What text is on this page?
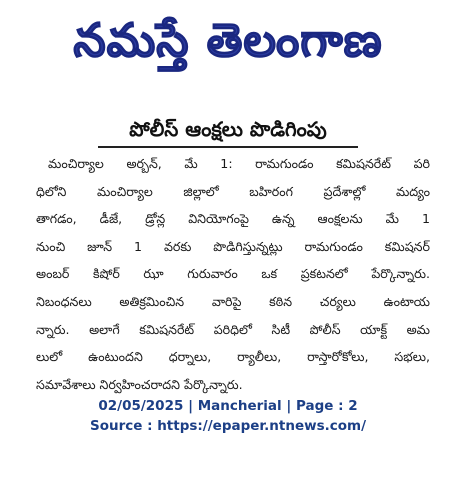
నమస్తే తెలంగాణ
పోలీస్ ఆంక్షలు పొడిగింపు
మంచిర్యాల అర్బన్, మే 1: రామగుండం కమిషనరేట్ పరి
ధిలోని మంచిర్యాల జిల్లాలో బహిరంగ ప్రదేశాల్లో మద్యం
తాగడం, డీజే, డ్రోన్ల వినియోగంపై ఉన్న ఆంక్షలను మే 1
నుంచి జూన్ 1 వరకు పొడిగిస్తున్నట్లు రామగుండం కమిషనర్
అంబర్ కిషోర్ ఝా గురువారం ఒక ప్రకటనలో పేర్కొన్నారు.
నిబంధనలు అతిక్రమించిన వారిపై కఠిన చర్యలు ఉంటాయ
న్నారు. అలాగే కమిషనరేట్ పరిధిలో సిటీ పోలీస్ యాక్ట్ అమ
లులో ఉంటుందని ధర్నాలు, ర్యాలీలు, రాస్తారోకోలు, సభలు,
సమావేశాలు నిర్వహించరాదని పేర్కొన్నారు.
02/05/2025 | Mancherial | Page : 2
Source : https://epaper.ntnews.com/
